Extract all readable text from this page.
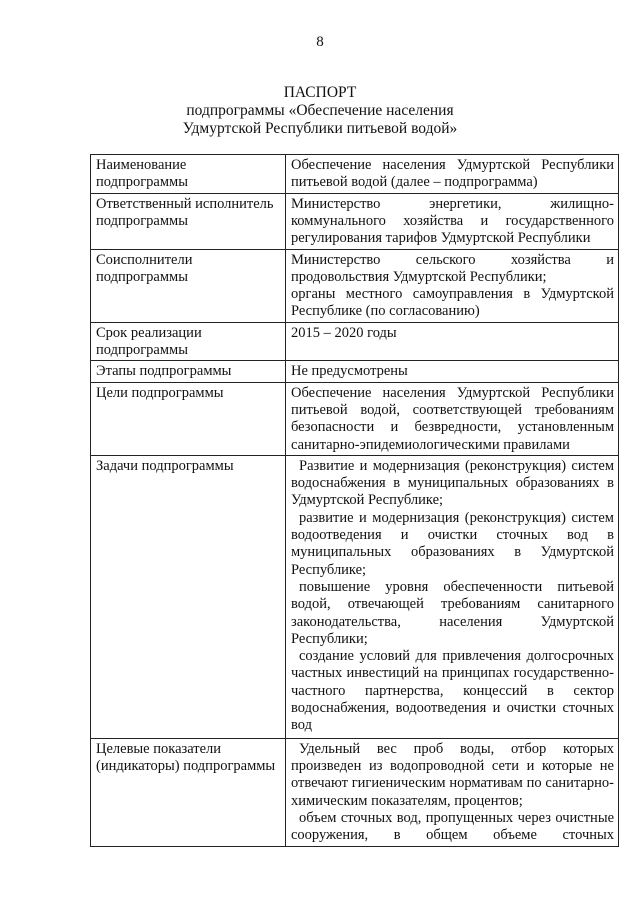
8
ПАСПОРТ
подпрограммы «Обеспечение населения
Удмуртской Республики питьевой водой»
Наименование подпрограммы	Обеспечение населения Удмуртской Республики питьевой водой (далее – подпрограмма)

Ответственный исполнитель подпрограммы	Министерство энергетики, жилищно-коммунального хозяйства и государственного регулирования тарифов Удмуртской Республики

Соисполнители подпрограммы	Министерство сельского хозяйства и продовольствия Удмуртской Республики;
органы местного самоуправления в Удмуртской Республике (по согласованию)

Срок реализации подпрограммы	2015 – 2020 годы

Этапы подпрограммы	Не предусмотрены

Цели подпрограммы	Обеспечение населения Удмуртской Республики питьевой водой, соответствующей требованиям безопасности и безвредности, установленным санитарно-эпидемиологическими правилами

Задачи подпрограммы	Развитие и модернизация (реконструкция) систем водоснабжения в муниципальных образованиях в Удмуртской Республике;
развитие и модернизация (реконструкция) систем водоотведения и очистки сточных вод в муниципальных образованиях в Удмуртской Республике;
повышение уровня обеспеченности питьевой водой, отвечающей требованиям санитарного законодательства, населения Удмуртской Республики;
создание условий для привлечения долгосрочных частных инвестиций на принципах государственно-частного партнерства, концессий в сектор водоснабжения, водоотведения и очистки сточных вод

Целевые показатели (индикаторы) подпрограммы	Удельный вес проб воды, отбор которых произведен из водопроводной сети и которые не отвечают гигиеническим нормативам по санитарно-химическим показателям, процентов;
объем сточных вод, пропущенных через очистные сооружения, в общем объеме сточных
